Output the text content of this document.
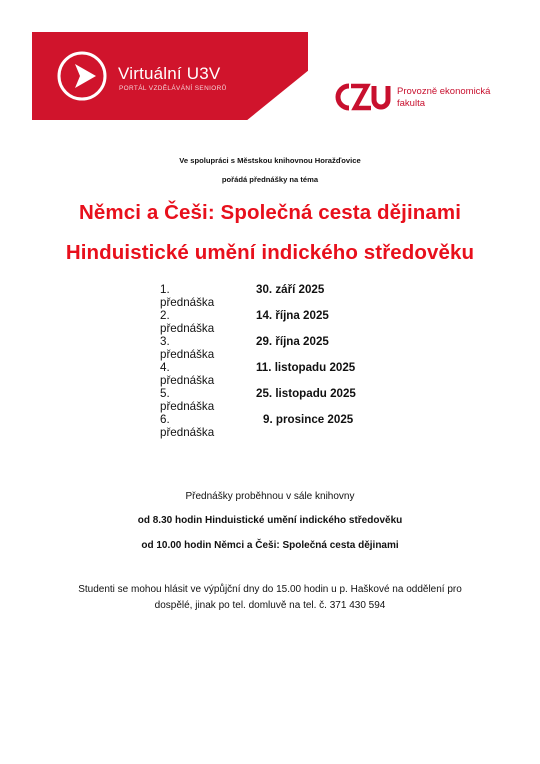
Virtuální U3V
PORTÁL VZDĚLÁVÁNÍ SENIORŮ	Provozně ekonomická
fakulta
Ve spolupráci s Městskou knihovnou Horažďovice
pořádá přednášky na téma
Němci a Češi: Společná cesta dějinami
Hinduistické umění indického středověku
1. přednáška
30. září 2025
2. přednáška
14. října 2025
3. přednáška
29. října 2025
4. přednáška
11. listopadu 2025
5. přednáška
25. listopadu 2025
6. přednáška
9. prosince 2025
Přednášky proběhnou v sále knihovny
od 8.30 hodin Hinduistické umění indického středověku
od 10.00 hodin Němci a Češi: Společná cesta dějinami
Studenti se mohou hlásit ve výpůjční dny do 15.00 hodin u p. Haškové na oddělení pro
dospělé, jinak po tel. domluvě na tel. č. 371 430 594
